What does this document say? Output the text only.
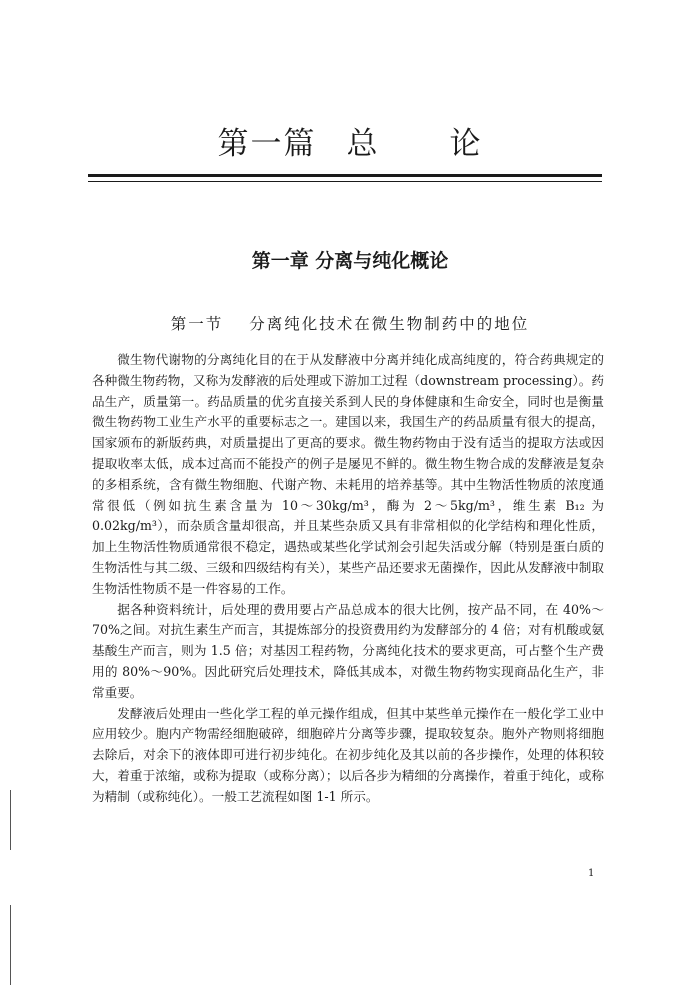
第一篇 总 论
第一章 分离与纯化概论
第一节 分离纯化技术在微生物制药中的地位

微生物代谢物的分离纯化目的在于从发酵液中分离并纯化成高纯度的，符合药典规定的各种微生物药物，又称为发酵液的后处理或下游加工过程（downstream processing）。药品生产，质量第一。药品质量的优劣直接关系到人民的身体健康和生命安全，同时也是衡量微生物药物工业生产水平的重要标志之一。建国以来，我国生产的药品质量有很大的提高，国家颁布的新版药典，对质量提出了更高的要求。微生物药物由于没有适当的提取方法或因提取收率太低，成本过高而不能投产的例子是屡见不鲜的。微生物生物合成的发酵液是复杂的多相系统，含有微生物细胞、代谢产物、未耗用的培养基等。其中生物活性物质的浓度通常很低（例如抗生素含量为 10～30kg/m³，酶为 2～5kg/m³，维生素 B₁₂ 为 0.02kg/m³），而杂质含量却很高，并且某些杂质又具有非常相似的化学结构和理化性质，加上生物活性物质通常很不稳定，遇热或某些化学试剂会引起失活或分解（特别是蛋白质的生物活性与其二级、三级和四级结构有关），某些产品还要求无菌操作，因此从发酵液中制取生物活性物质不是一件容易的工作。

据各种资料统计，后处理的费用要占产品总成本的很大比例，按产品不同，在 40%～70%之间。对抗生素生产而言，其提炼部分的投资费用约为发酵部分的 4 倍；对有机酸或氨基酸生产而言，则为 1.5 倍；对基因工程药物，分离纯化技术的要求更高，可占整个生产费用的 80%～90%。因此研究后处理技术，降低其成本，对微生物药物实现商品化生产，非常重要。

发酵液后处理由一些化学工程的单元操作组成，但其中某些单元操作在一般化学工业中应用较少。胞内产物需经细胞破碎，细胞碎片分离等步骤，提取较复杂。胞外产物则将细胞去除后，对余下的液体即可进行初步纯化。在初步纯化及其以前的各步操作，处理的体积较大，着重于浓缩，或称为提取（或称分离）；以后各步为精细的分离操作，着重于纯化，或称为精制（或称纯化）。一般工艺流程如图 1-1 所示。

1
